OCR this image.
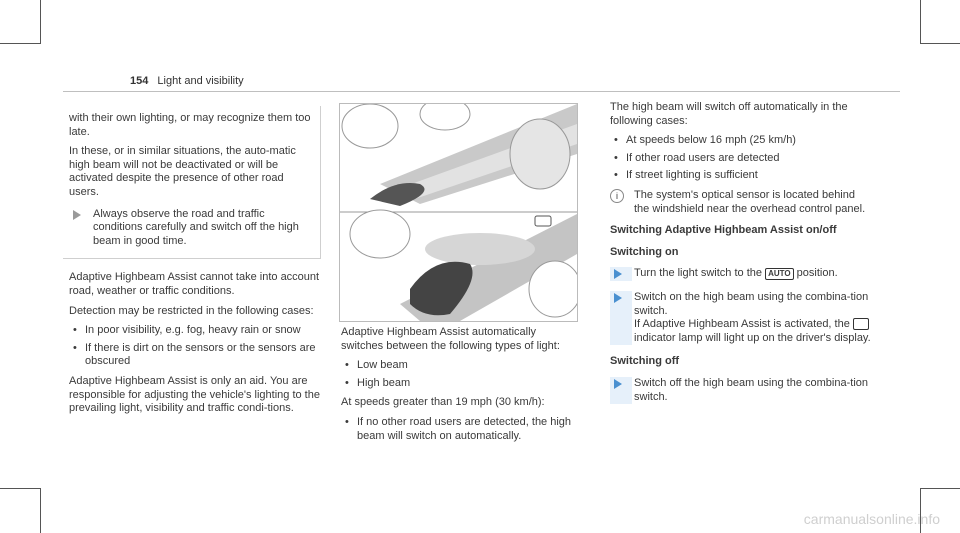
154 Light and visibility

with their own lighting, or may recognize them too late.

In these, or in similar situations, the auto-matic high beam will not be deactivated or will be activated despite the presence of other road users.

Always observe the road and traffic conditions carefully and switch off the high beam in good time.

Adaptive Highbeam Assist cannot take into account road, weather or traffic conditions.

Detection may be restricted in the following cases:

• In poor visibility, e.g. fog, heavy rain or snow
• If there is dirt on the sensors or the sensors are obscured

Adaptive Highbeam Assist is only an aid. You are responsible for adjusting the vehicle's lighting to the prevailing light, visibility and traffic condi-tions.

Adaptive Highbeam Assist automatically switches between the following types of light:

• Low beam
• High beam

At speeds greater than 19 mph (30 km/h):

• If no other road users are detected, the high beam will switch on automatically.

The high beam will switch off automatically in the following cases:

• At speeds below 16 mph (25 km/h)
• If other road users are detected
• If street lighting is sufficient
i	The system's optical sensor is located behind the windshield near the overhead control panel.
Switching Adaptive Highbeam Assist on/off
Switching on
Turn the light switch to the AUTO position.
Switch on the high beam using the combina-tion switch.
If Adaptive Highbeam Assist is activated, the  indicator lamp will light up on the driver's display.
Switching off
Switch off the high beam using the combina-tion switch.
carmanualsonline.info
